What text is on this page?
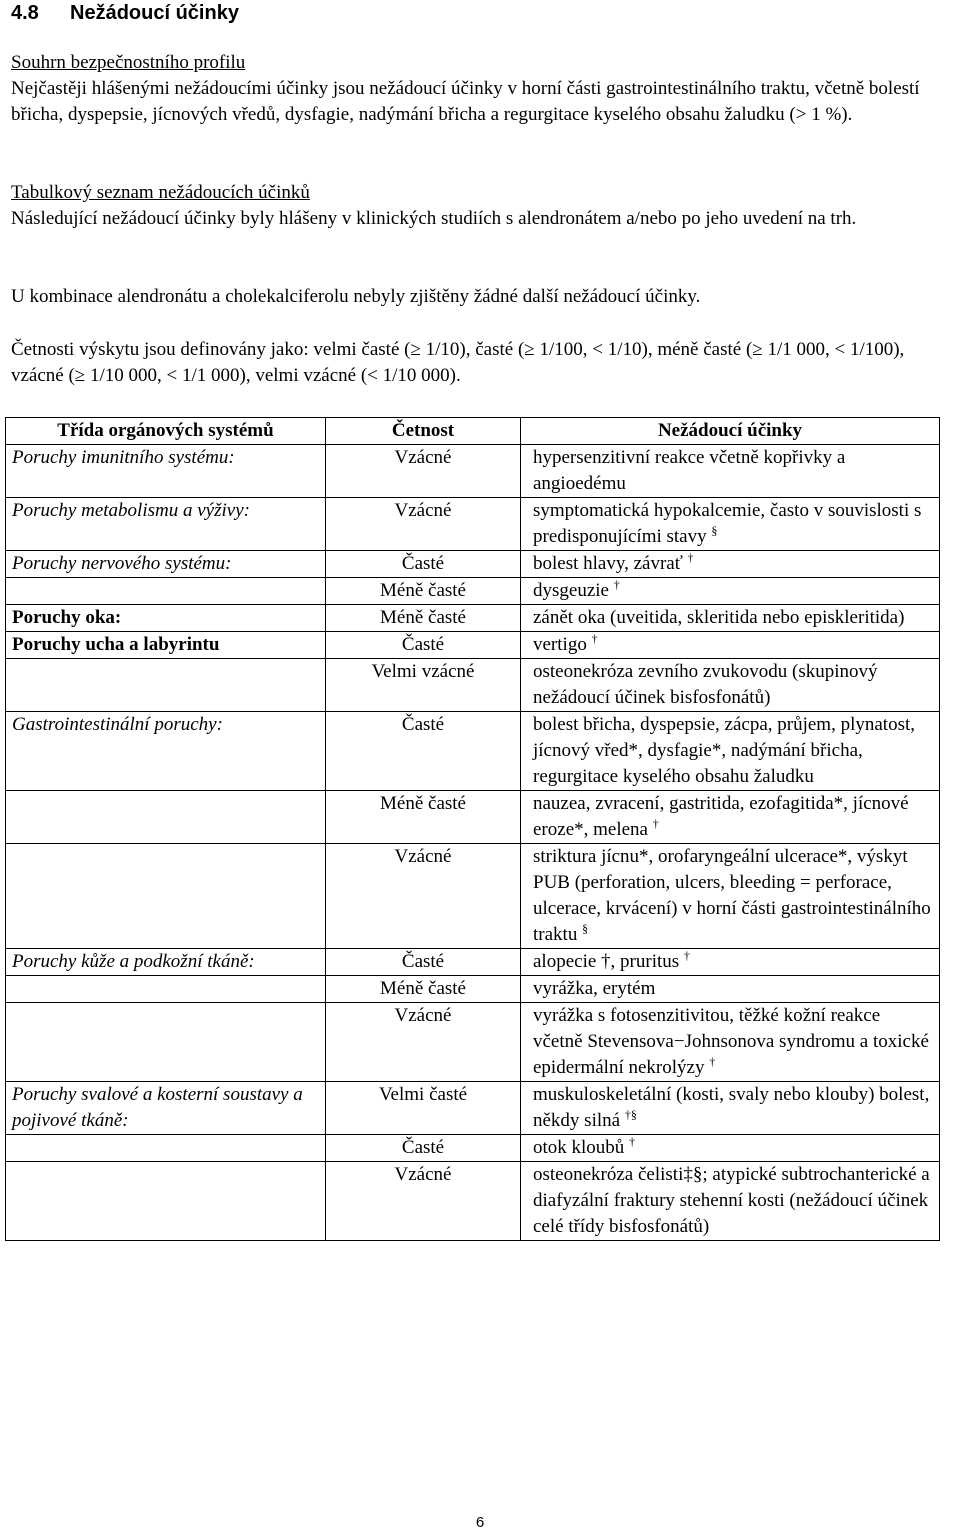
4.8 Nežádoucí účinky
Souhrn bezpečnostního profilu
Nejčastěji hlášenými nežádoucími účinky jsou nežádoucí účinky v horní části gastrointestinálního traktu, včetně bolestí břicha, dyspepsie, jícnových vředů, dysfagie, nadýmání břicha a regurgitace kyselého obsahu žaludku (> 1 %).
Tabulkový seznam nežádoucích účinků
Následující nežádoucí účinky byly hlášeny v klinických studiích s alendronátem a/nebo po jeho uvedení na trh.
U kombinace alendronátu a cholekalciferolu nebyly zjištěny žádné další nežádoucí účinky.
Četnosti výskytu jsou definovány jako: velmi časté (≥ 1/10), časté (≥ 1/100, < 1/10), méně časté (≥ 1/1 000, < 1/100), vzácné (≥ 1/10 000, < 1/1 000), velmi vzácné (< 1/10 000).
Třída orgánových systémů	Četnost	Nežádoucí účinky
Poruchy imunitního systému:	Vzácné	hypersenzitivní reakce včetně kopřivky a angioedému
Poruchy metabolismu a výživy:	Vzácné	symptomatická hypokalcemie, často v souvislosti s predisponujícími stavy §
Poruchy nervového systému:	Časté	bolest hlavy, závrať †
	Méně časté	dysgeuzie †
Poruchy oka:	Méně časté	zánět oka (uveitida, skleritida nebo episkleritida)
Poruchy ucha a labyrintu	Časté	vertigo †
	Velmi vzácné	osteonekróza zevního zvukovodu (skupinový nežádoucí účinek bisfosfonátů)
Gastrointestinální poruchy:	Časté	bolest břicha, dyspepsie, zácpa, průjem, plynatost, jícnový vřed*, dysfagie*, nadýmání břicha, regurgitace kyselého obsahu žaludku
	Méně časté	nauzea, zvracení, gastritida, ezofagitida*, jícnové eroze*, melena †
	Vzácné	striktura jícnu*, orofaryngeální ulcerace*, výskyt PUB (perforation, ulcers, bleeding = perforace, ulcerace, krvácení) v horní části gastrointestinálního traktu §
Poruchy kůže a podkožní tkáně:	Časté	alopecie †, pruritus †
	Méně časté	vyrážka, erytém
	Vzácné	vyrážka s fotosenzitivitou, těžké kožní reakce včetně Stevensova−Johnsonova syndromu a toxické epidermální nekrolýzy †
Poruchy svalové a kosterní soustavy a pojivové tkáně:	Velmi časté	muskuloskeletální (kosti, svaly nebo klouby) bolest, někdy silná †§
	Časté	otok kloubů †
	Vzácné	osteonekróza čelisti‡§; atypické subtrochanterické a diafyzální fraktury stehenní kosti (nežádoucí účinek celé třídy bisfosfonátů)
6
